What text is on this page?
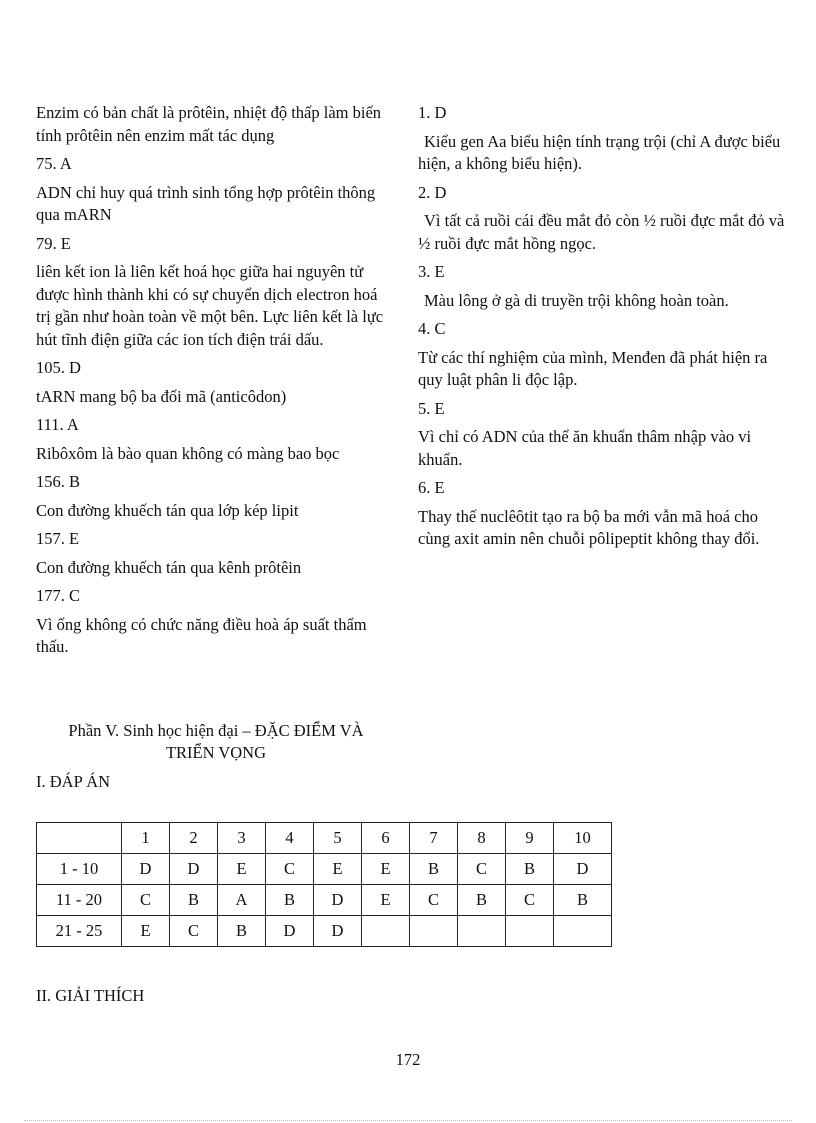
Enzim có bản chất là prôtêin, nhiệt độ thấp làm biến tính prôtêin nên enzim mất tác dụng
75. A
ADN chỉ huy quá trình sinh tổng hợp prôtêin thông qua mARN
79. E
liên kết ion là liên kết hoá học giữa hai nguyên tử được hình thành khi có sự chuyển dịch electron hoá trị gần như hoàn toàn về một bên. Lực liên kết là lực hút tĩnh điện giữa các ion tích điện trái dấu.
105. D
tARN mang bộ ba đối mã (anticôdon)
111. A
Ribôxôm là bào quan không có màng bao bọc
156. B
Con đường khuếch tán qua lớp kép lipit
157. E
Con đường khuếch tán qua kênh prôtêin
177. C
Vì ống không có chức năng điều hoà áp suất thẩm thấu.
1. D
Kiểu gen Aa biểu hiện tính trạng trội (chỉ A được biểu hiện, a không biểu hiện).
2. D
Vì tất cả ruồi cái đều mắt đỏ còn ½ ruồi đực mắt đỏ và ½ ruồi đực mắt hồng ngọc.
3. E
Màu lông ở gà di truyền trội không hoàn toàn.
4. C
Từ các thí nghiệm của mình, Menđen đã phát hiện ra quy luật phân li độc lập.
5. E
Vì chỉ có ADN của thể ăn khuẩn thâm nhập vào vi khuẩn.
6. E
Thay thế nuclêôtit tạo ra bộ ba mới vẫn mã hoá cho cùng axit amin nên chuỗi pôlipeptit không thay đổi.
Phần V. Sinh học hiện đại – ĐẶC ĐIỂM VÀ
TRIỂN VỌNG
I. ĐÁP ÁN
	1	2	3	4	5	6	7	8	9	10
1 - 10	D	D	E	C	E	E	B	C	B	D
11 - 20	C	B	A	B	D	E	C	B	C	B
21 - 25	E	C	B	D	D					
II. GIẢI THÍCH
172
